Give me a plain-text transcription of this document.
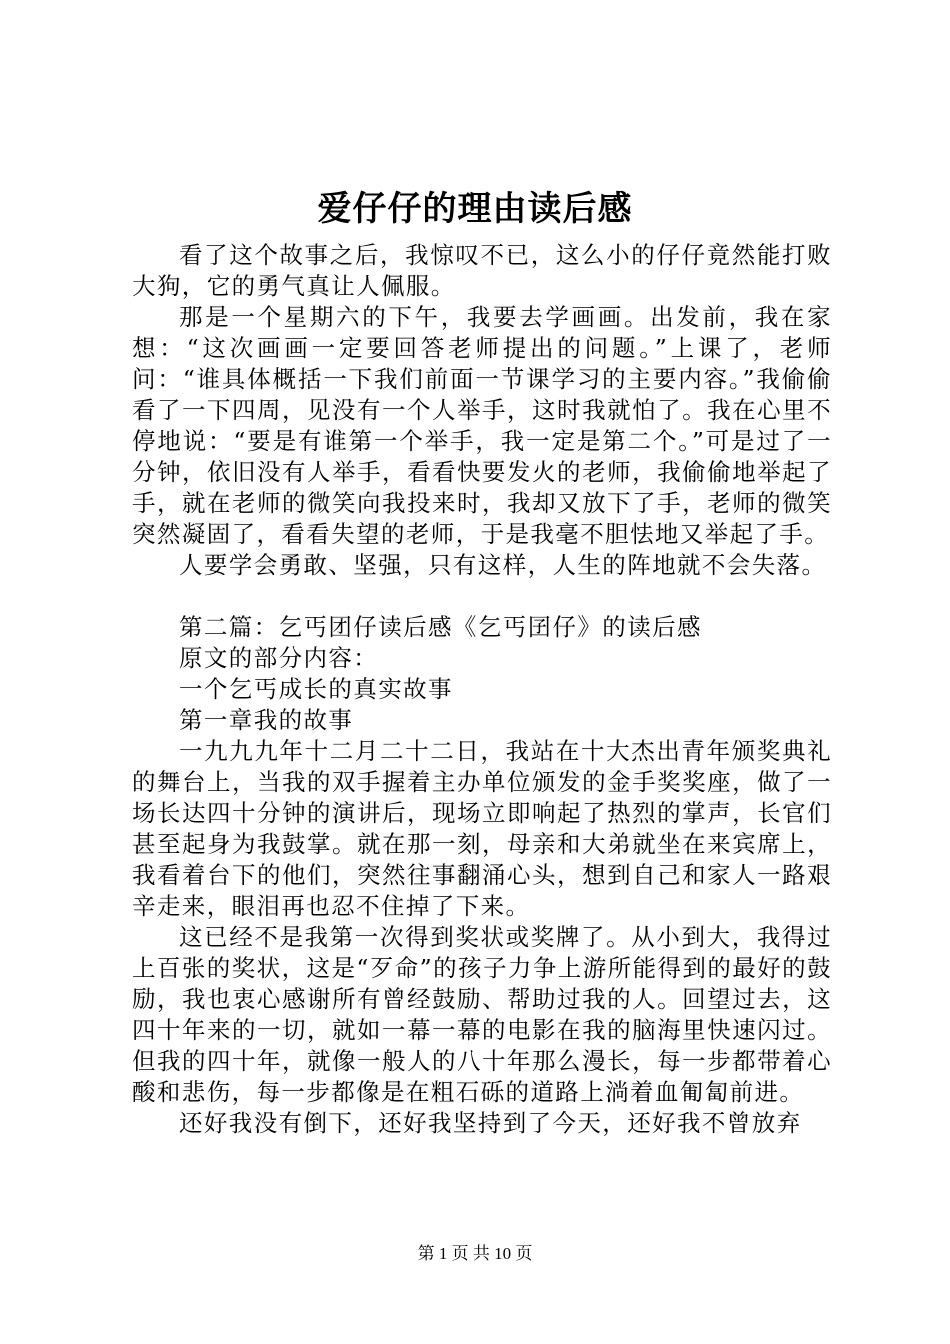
爱仔仔的理由读后感

看了这个故事之后，我惊叹不已，这么小的仔仔竟然能打败大狗，它的勇气真让人佩服。

那是一个星期六的下午，我要去学画画。出发前，我在家想：“这次画画一定要回答老师提出的问题。”上课了，老师问：“谁具体概括一下我们前面一节课学习的主要内容。”我偷偷看了一下四周，见没有一个人举手，这时我就怕了。我在心里不停地说：“要是有谁第一个举手，我一定是第二个。”可是过了一分钟，依旧没有人举手，看看快要发火的老师，我偷偷地举起了手，就在老师的微笑向我投来时，我却又放下了手，老师的微笑突然凝固了，看看失望的老师，于是我毫不胆怯地又举起了手。

人要学会勇敢、坚强，只有这样，人生的阵地就不会失落。

第二篇：乞丐团仔读后感《乞丐囝仔》的读后感

原文的部分内容：

一个乞丐成长的真实故事

第一章我的故事

一九九九年十二月二十二日，我站在十大杰出青年颁奖典礼的舞台上，当我的双手握着主办单位颁发的金手奖奖座，做了一场长达四十分钟的演讲后，现场立即响起了热烈的掌声，长官们甚至起身为我鼓掌。就在那一刻，母亲和大弟就坐在来宾席上，我看着台下的他们，突然往事翻涌心头，想到自己和家人一路艰辛走来，眼泪再也忍不住掉了下来。

这已经不是我第一次得到奖状或奖牌了。从小到大，我得过上百张的奖状，这是“歹命”的孩子力争上游所能得到的最好的鼓励，我也衷心感谢所有曾经鼓励、帮助过我的人。回望过去，这四十年来的一切，就如一幕一幕的电影在我的脑海里快速闪过。但我的四十年，就像一般人的八十年那么漫长，每一步都带着心酸和悲伤，每一步都像是在粗石砾的道路上淌着血匍匐前进。

还好我没有倒下，还好我坚持到了今天，还好我不曾放弃

第 1 页 共 10 页
